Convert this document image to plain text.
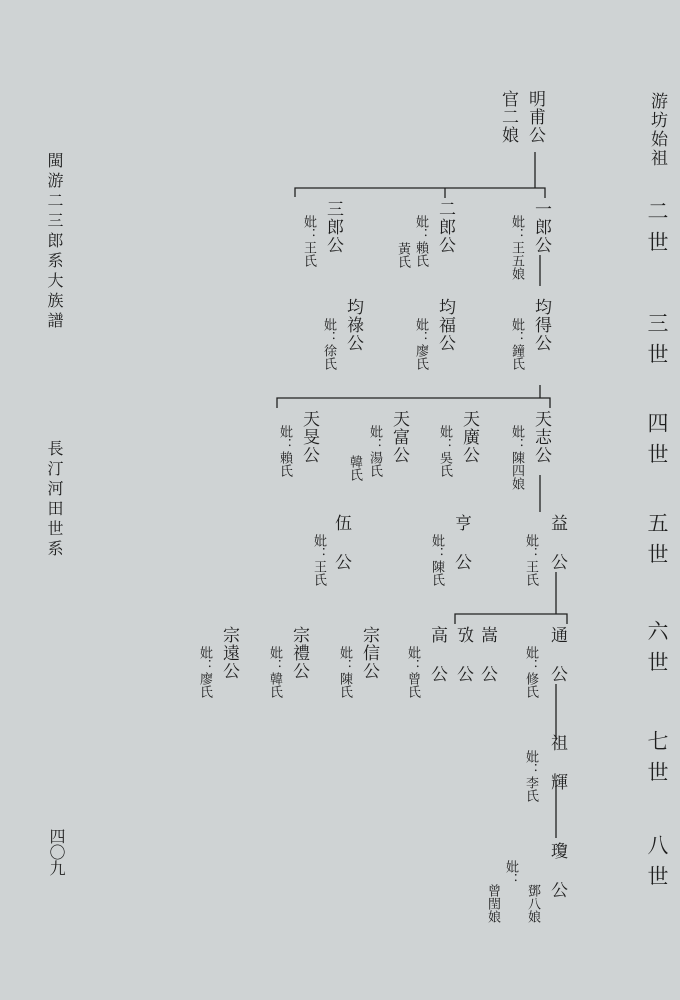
游坊始祖
二世
三世
四世
五世
六世
七世
八世
明甫公
官二娘
一郎公
妣：王五娘
二郎公
妣：賴氏
黃氏
三郎公
妣：王氏
均得公
妣：鐘氏
均福公
妣：廖氏
均祿公
妣：徐氏
天志公
妣：陳四娘
天廣公
妣：吳氏
天富公
妣：湯氏
韓氏
天旻公
妣：賴氏
益公
妣：王氏
亨公
妣：陳氏
伍公
妣：王氏
通公
妣：修氏
嵩公
攷公
高公
妣：曾氏
宗信公
妣：陳氏
宗禮公
妣：韓氏
宗遠公
妣：廖氏
祖輝
妣：李氏
瓊公
妣：
鄧八娘
曾閏娘
閩游二三郎系大族譜
長汀河田世系
四〇九
